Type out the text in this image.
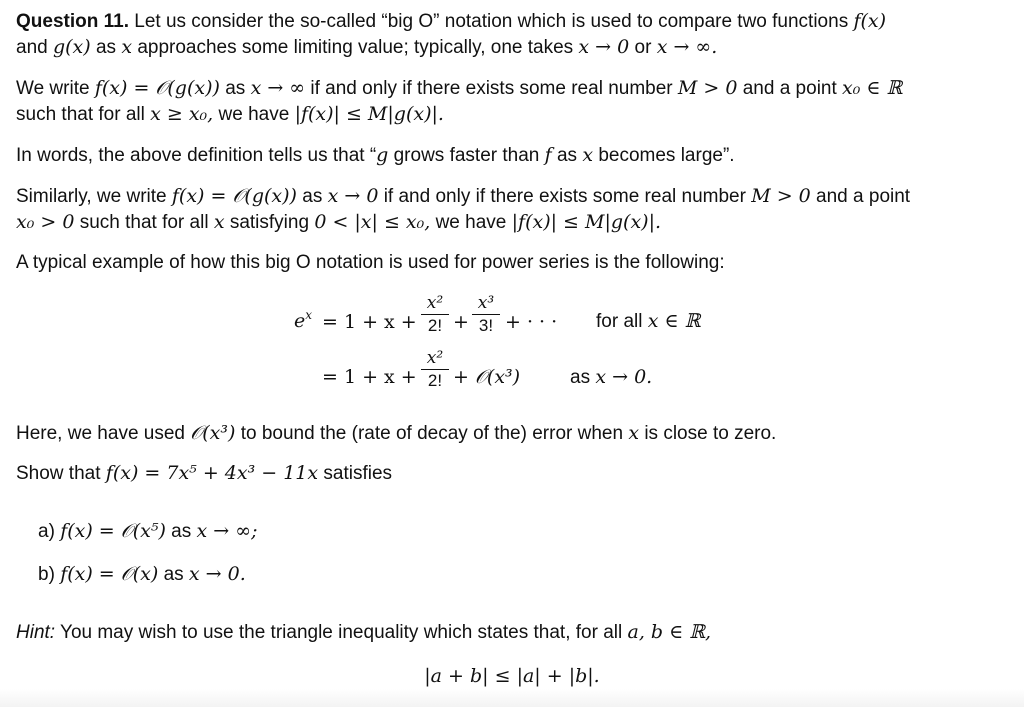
Question 11. Let us consider the so-called “big O” notation which is used to compare two functions f(x)
and g(x) as x approaches some limiting value; typically, one takes x → 0 or x → ∞.
We write f(x) = 𝒪(g(x)) as x → ∞ if and only if there exists some real number M > 0 and a point x₀ ∈ ℝ
such that for all x ≥ x₀, we have |f(x)| ≤ M|g(x)|.
In words, the above definition tells us that “g grows faster than f as x becomes large”.
Similarly, we write f(x) = 𝒪(g(x)) as x → 0 if and only if there exists some real number M > 0 and a point
x₀ > 0 such that for all x satisfying 0 < |x| ≤ x₀, we have |f(x)| ≤ M|g(x)|.
A typical example of how this big O notation is used for power series is the following:
$e^x = 1 + x$ +
x²
2! +
x³
3! + · · · for all x ∈ ℝ
= 1 + x +
x²
2! + 𝒪(x³)	as x → 0.
Here, we have used 𝒪(x³) to bound the (rate of decay of the) error when x is close to zero.
Show that f(x) = 7x⁵ + 4x³ − 11x satisfies
a) f(x) = 𝒪(x⁵) as x → ∞;
b) f(x) = 𝒪(x) as x → 0.
Hint: You may wish to use the triangle inequality which states that, for all a, b ∈ ℝ,
|a + b| ≤ |a| + |b|.
